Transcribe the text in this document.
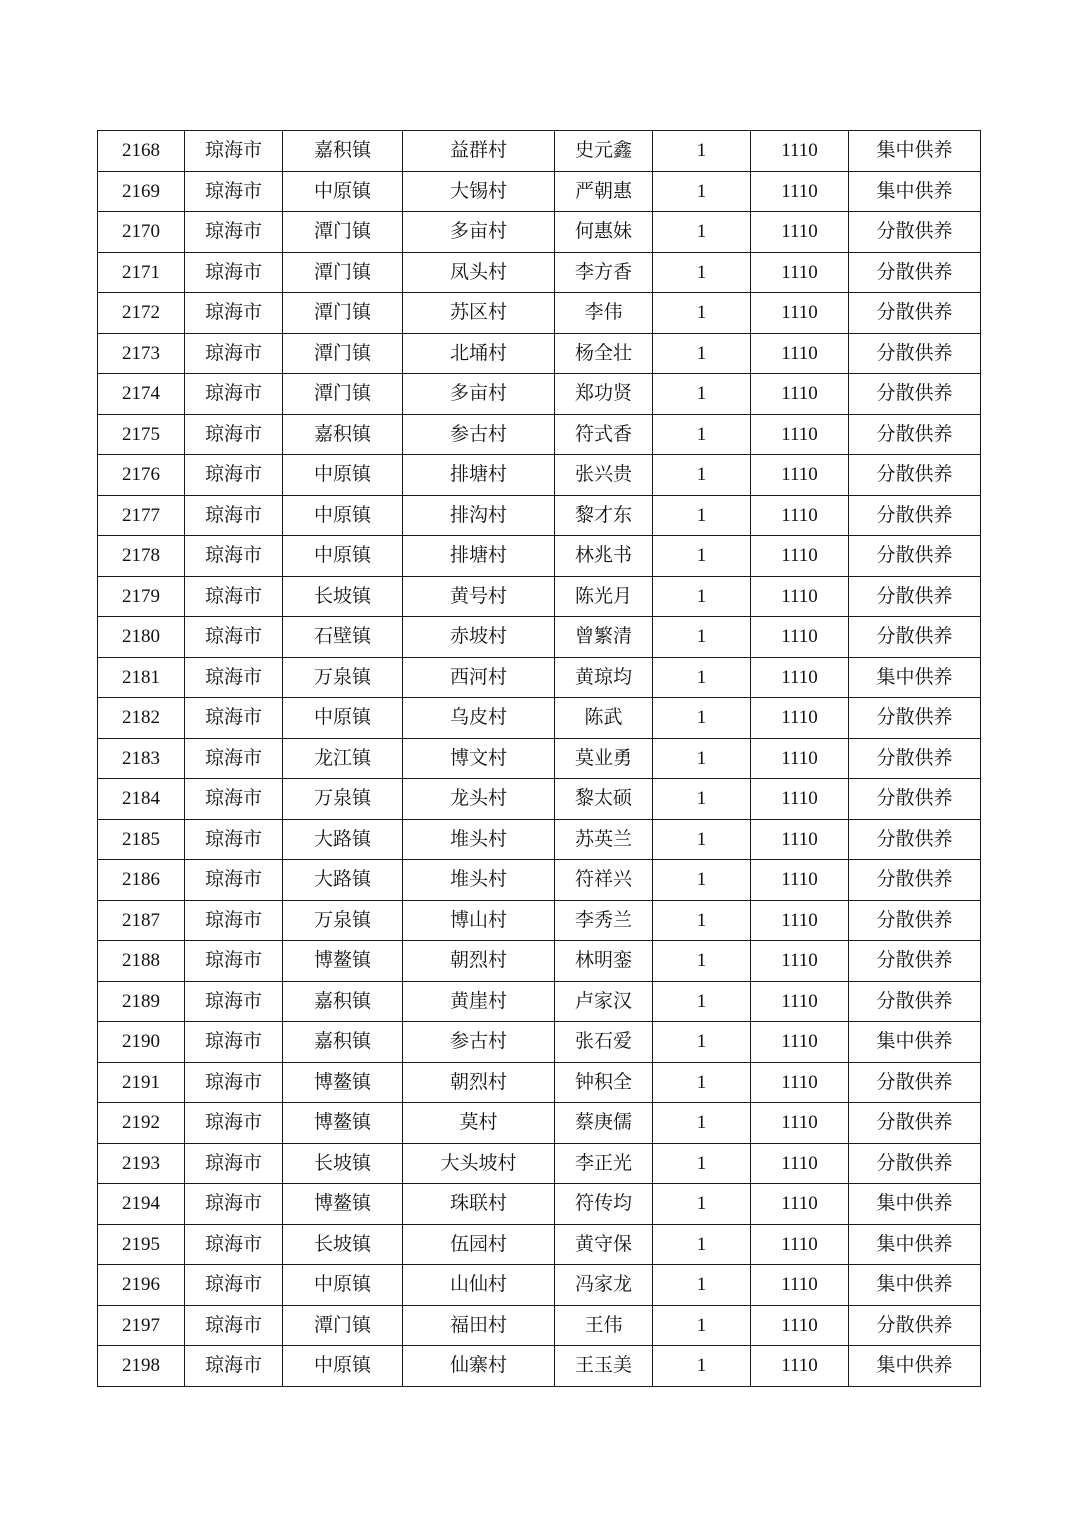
2168	琼海市	嘉积镇	益群村	史元鑫	1	1110	集中供养
2169	琼海市	中原镇	大锡村	严朝惠	1	1110	集中供养
2170	琼海市	潭门镇	多亩村	何惠妹	1	1110	分散供养
2171	琼海市	潭门镇	凤头村	李方香	1	1110	分散供养
2172	琼海市	潭门镇	苏区村	李伟	1	1110	分散供养
2173	琼海市	潭门镇	北埇村	杨全壮	1	1110	分散供养
2174	琼海市	潭门镇	多亩村	郑功贤	1	1110	分散供养
2175	琼海市	嘉积镇	参古村	符式香	1	1110	分散供养
2176	琼海市	中原镇	排塘村	张兴贵	1	1110	分散供养
2177	琼海市	中原镇	排沟村	黎才东	1	1110	分散供养
2178	琼海市	中原镇	排塘村	林兆书	1	1110	分散供养
2179	琼海市	长坡镇	黄号村	陈光月	1	1110	分散供养
2180	琼海市	石壁镇	赤坡村	曾繁清	1	1110	分散供养
2181	琼海市	万泉镇	西河村	黄琼均	1	1110	集中供养
2182	琼海市	中原镇	乌皮村	陈武	1	1110	分散供养
2183	琼海市	龙江镇	博文村	莫业勇	1	1110	分散供养
2184	琼海市	万泉镇	龙头村	黎太硕	1	1110	分散供养
2185	琼海市	大路镇	堆头村	苏英兰	1	1110	分散供养
2186	琼海市	大路镇	堆头村	符祥兴	1	1110	分散供养
2187	琼海市	万泉镇	博山村	李秀兰	1	1110	分散供养
2188	琼海市	博鳌镇	朝烈村	林明銮	1	1110	分散供养
2189	琼海市	嘉积镇	黄崖村	卢家汉	1	1110	分散供养
2190	琼海市	嘉积镇	参古村	张石爱	1	1110	集中供养
2191	琼海市	博鳌镇	朝烈村	钟积全	1	1110	分散供养
2192	琼海市	博鳌镇	莫村	蔡庚儒	1	1110	分散供养
2193	琼海市	长坡镇	大头坡村	李正光	1	1110	分散供养
2194	琼海市	博鳌镇	珠联村	符传均	1	1110	集中供养
2195	琼海市	长坡镇	伍园村	黄守保	1	1110	集中供养
2196	琼海市	中原镇	山仙村	冯家龙	1	1110	集中供养
2197	琼海市	潭门镇	福田村	王伟	1	1110	分散供养
2198	琼海市	中原镇	仙寨村	王玉美	1	1110	集中供养
